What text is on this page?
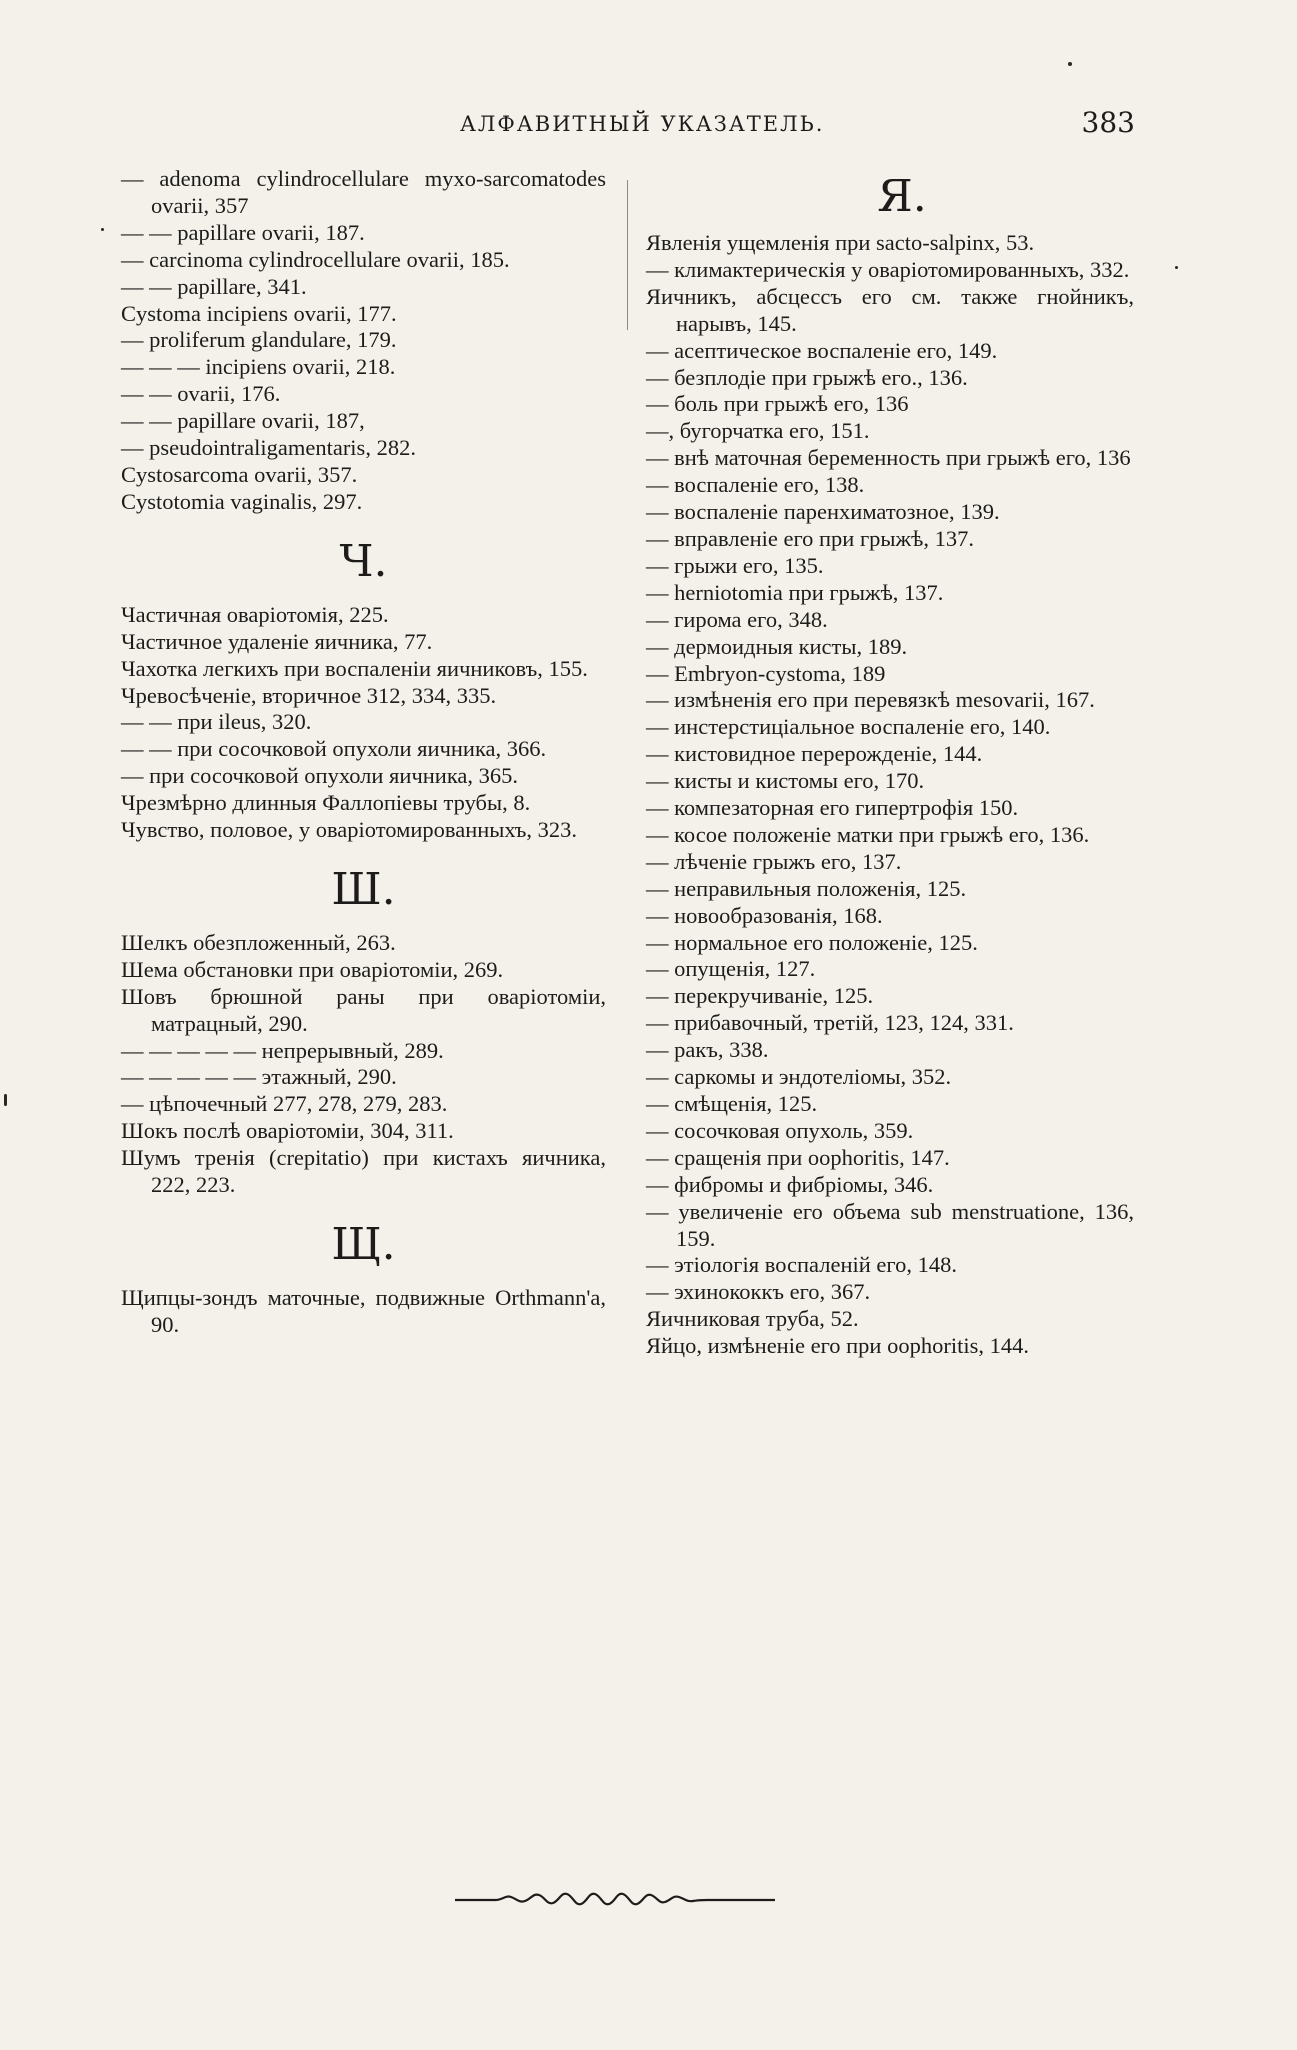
АЛФАВИТНЫЙ УКАЗАТЕЛЬ.	383
— adenoma cylindrocellulare myxo-sarcomatodes ovarii, 357
— — papillare ovarii, 187.
— carcinoma cylindrocellulare ovarii, 185.
— — papillare, 341.
Cystoma incipiens ovarii, 177.
— proliferum glandulare, 179.
— — — incipiens ovarii, 218.
— — ovarii, 176.
— — papillare ovarii, 187,
— pseudointraligamentaris, 282.
Cystosarcoma ovarii, 357.
Cystotomia vaginalis, 297.
Ч.
Частичная оваріотомія, 225.
Частичное удаленіе яичника, 77.
Чахотка легкихъ при воспаленіи яичниковъ, 155.
Чревосѣченіе, вторичное 312, 334, 335.
— — при ileus, 320.
— — при сосочковой опухоли яичника, 366.
— при сосочковой опухоли яичника, 365.
Чрезмѣрно длинныя Фаллопіевы трубы, 8.
Чувство, половое, у оваріотомированныхъ, 323.
Ш.
Шелкъ обезпложенный, 263.
Шема обстановки при оваріотоміи, 269.
Шовъ брюшной раны при оваріотоміи, матрацный, 290.
— — — — — непрерывный, 289.
— — — — — этажный, 290.
— цѣпочечный 277, 278, 279, 283.
Шокъ послѣ оваріотоміи, 304, 311.
Шумъ тренія (crepitatio) при кистахъ яичника, 222, 223.
Щ.
Щипцы-зондъ маточные, подвижные Orthmann'a, 90.
Я.
Явленія ущемленія при sacto-salpinx, 53.
— климактерическія у оваріотомированныхъ, 332.
Яичникъ, абсцессъ его см. также гнойникъ, нарывъ, 145.
— асептическое воспаленіе его, 149.
— безплодіе при грыжѣ его., 136.
— боль при грыжѣ его, 136
—, бугорчатка его, 151.
— внѣ маточная беременность при грыжѣ его, 136
— воспаленіе его, 138.
— воспаленіе паренхиматозное, 139.
— вправленіе его при грыжѣ, 137.
— грыжи его, 135.
— herniotomia при грыжѣ, 137.
— гирома его, 348.
— дермоидныя кисты, 189.
— Embryon-cystoma, 189
— измѣненія его при перевязкѣ mesovarii, 167.
— инстерстиціальное воспаленіе его, 140.
— кистовидное перерожденіе, 144.
— кисты и кистомы его, 170.
— компезаторная его гипертрофія 150.
— косое положеніе матки при грыжѣ его, 136.
— лѣченіе грыжъ его, 137.
— неправильныя положенія, 125.
— новообразованія, 168.
— нормальное его положеніе, 125.
— опущенія, 127.
— перекручиваніе, 125.
— прибавочный, третій, 123, 124, 331.
— ракъ, 338.
— саркомы и эндотеліомы, 352.
— смѣщенія, 125.
— сосочковая опухоль, 359.
— сращенія при oophoritis, 147.
— фибромы и фибріомы, 346.
— увеличеніе его объема sub menstruatione, 136, 159.
— этіологія воспаленій его, 148.
— эхинококкъ его, 367.
Яичниковая труба, 52.
Яйцо, измѣненіе его при oophoritis, 144.
